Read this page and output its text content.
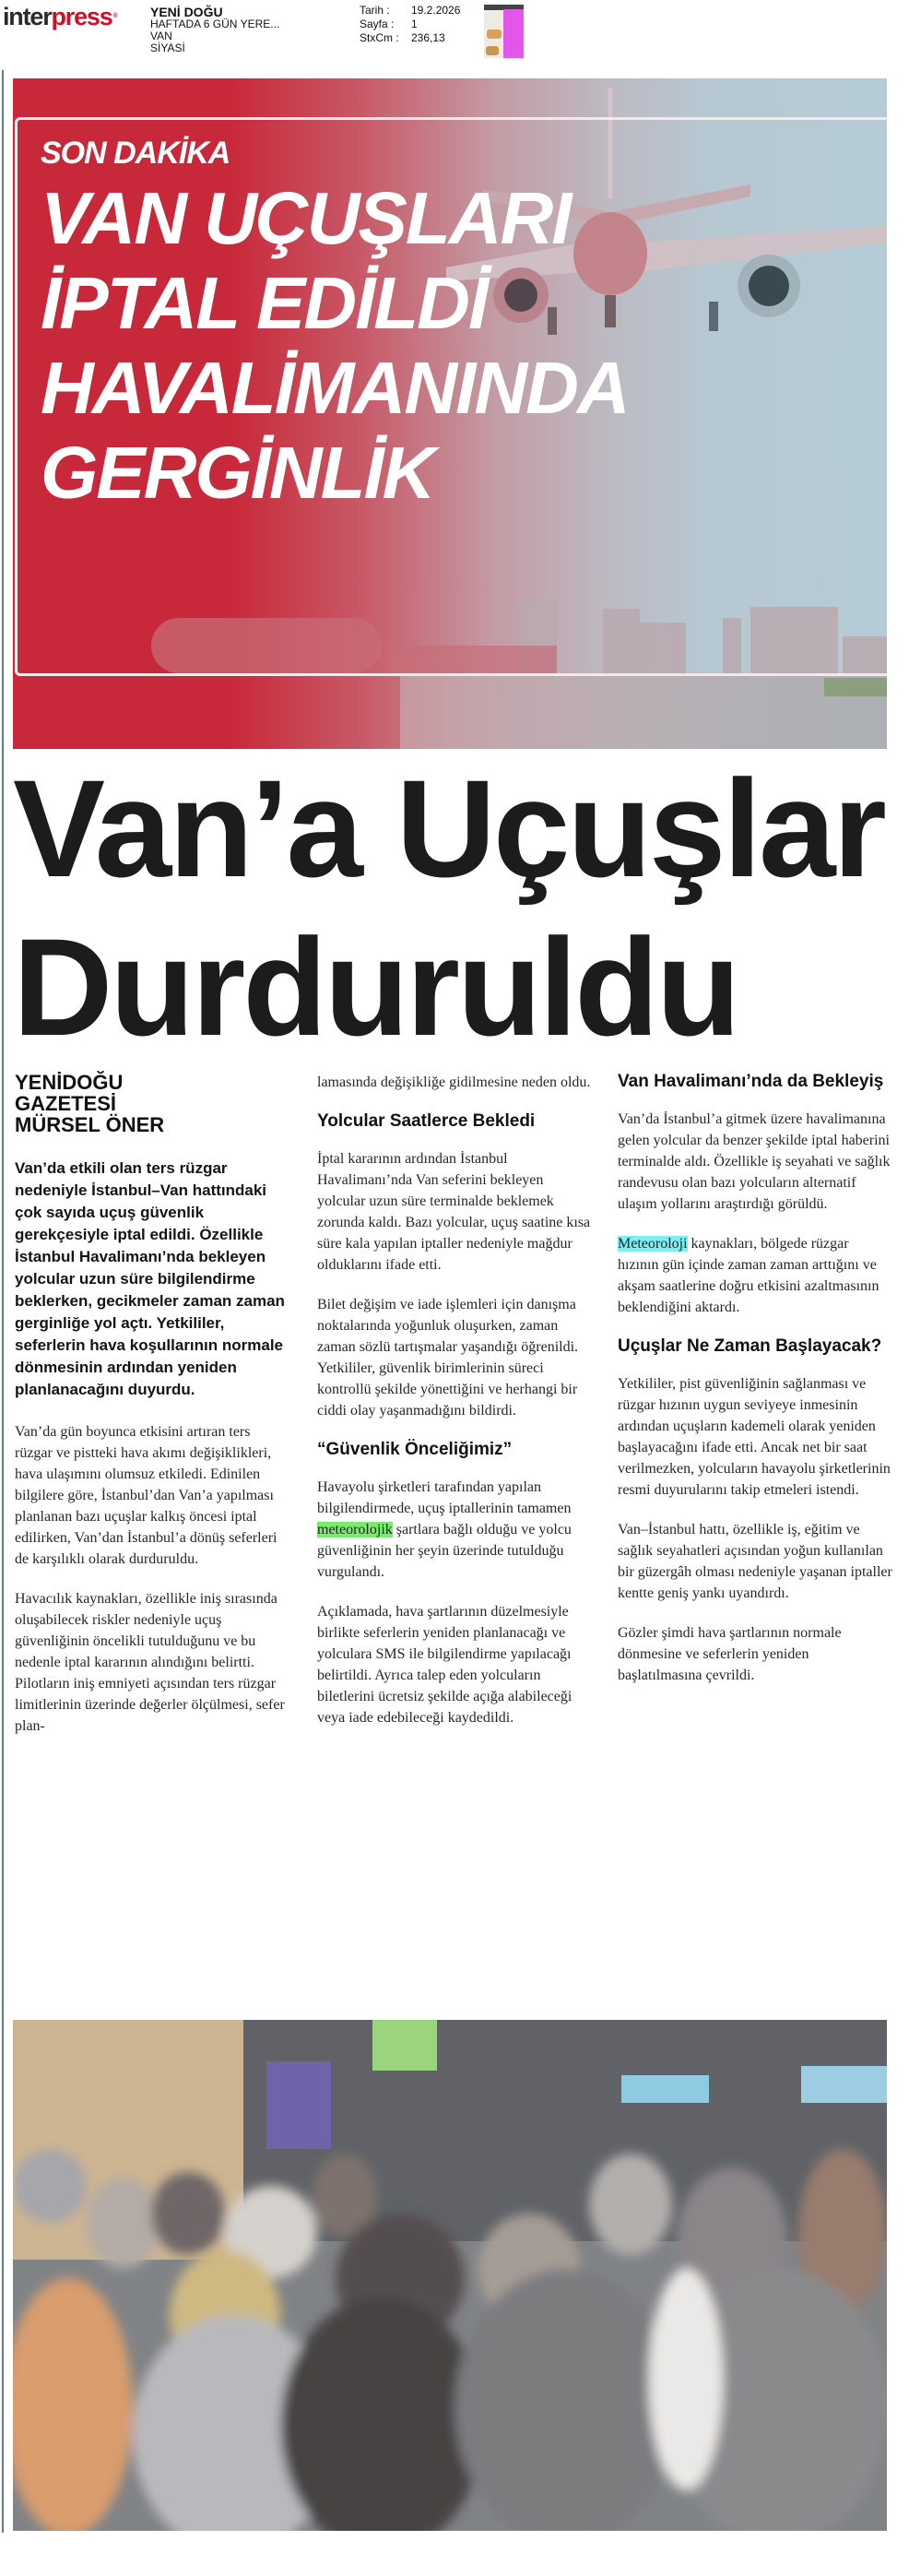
interpress®	YENİ DOĞU
HAFTADA 6 GÜN YERE...
VAN
SİYASİ
Tarih :	19.2.2026
Sayfa :	1
StxCm :	236,13
SON DAKİKA
VAN UÇUŞLARI
İPTAL EDİLDİ
HAVALİMANINDA
GERGİNLİK
Van’a Uçuşlar
Durduruldu
YENİDOĞU
GAZETESİ
MÜRSEL ÖNER
Van’da etkili olan ters rüzgar nedeniyle İstanbul–Van hattındaki çok sayıda uçuş güvenlik gerekçesiyle iptal edildi. Özellikle İstanbul Havalimanı’nda bekleyen yolcular uzun süre bilgilendirme beklerken, gecikmeler zaman zaman gerginliğe yol açtı. Yetkililer, seferlerin hava koşullarının normale dönmesinin ardından yeniden planlanacağını duyurdu.

Van’da gün boyunca etkisini artıran ters rüzgar ve pistteki hava akımı değişiklikleri, hava ulaşımını olumsuz etkiledi. Edinilen bilgilere göre, İstanbul’dan Van’a yapılması planlanan bazı uçuşlar kalkış öncesi iptal edilirken, Van’dan İstanbul’a dönüş seferleri de karşılıklı olarak durduruldu.

Havacılık kaynakları, özellikle iniş sırasında oluşabilecek riskler nedeniyle uçuş güvenliğinin öncelikli tutulduğunu ve bu nedenle iptal kararının alındığını belirtti. Pilotların iniş emniyeti açısından ters rüzgar limitlerinin üzerinde değerler ölçülmesi, sefer plan-

lamasında değişikliğe gidilmesine neden oldu.

Yolcular Saatlerce Bekledi

İptal kararının ardından İstanbul Havalimanı’nda Van seferini bekleyen yolcular uzun süre terminalde beklemek zorunda kaldı. Bazı yolcular, uçuş saatine kısa süre kala yapılan iptaller nedeniyle mağdur olduklarını ifade etti.

Bilet değişim ve iade işlemleri için danışma noktalarında yoğunluk oluşurken, zaman zaman sözlü tartışmalar yaşandığı öğrenildi. Yetkililer, güvenlik birimlerinin süreci kontrollü şekilde yönettiğini ve herhangi bir ciddi olay yaşanmadığını bildirdi.

“Güvenlik Önceliğimiz”

Havayolu şirketleri tarafından yapılan bilgilendirmede, uçuş iptallerinin tamamen meteorolojik şartlara bağlı olduğu ve yolcu güvenliğinin her şeyin üzerinde tutulduğu vurgulandı.

Açıklamada, hava şartlarının düzelmesiyle birlikte seferlerin yeniden planlanacağı ve yolculara SMS ile bilgilendirme yapılacağı belirtildi. Ayrıca talep eden yolcuların biletlerini ücretsiz şekilde açığa alabileceği veya iade edebileceği kaydedildi.

Van Havalimanı’nda da Bekleyiş

Van’da İstanbul’a gitmek üzere havalimanına gelen yolcular da benzer şekilde iptal haberini terminalde aldı. Özellikle iş seyahati ve sağlık randevusu olan bazı yolcuların alternatif ulaşım yollarını araştırdığı görüldü.

Meteoroloji kaynakları, bölgede rüzgar hızının gün içinde zaman zaman arttığını ve akşam saatlerine doğru etkisini azaltmasının beklendiğini aktardı.

Uçuşlar Ne Zaman Başlayacak?

Yetkililer, pist güvenliğinin sağlanması ve rüzgar hızının uygun seviyeye inmesinin ardından uçuşların kademeli olarak yeniden başlayacağını ifade etti. Ancak net bir saat verilmezken, yolcuların havayolu şirketlerinin resmi duyurularını takip etmeleri istendi.

Van–İstanbul hattı, özellikle iş, eğitim ve sağlık seyahatleri açısından yoğun kullanılan bir güzergâh olması nedeniyle yaşanan iptaller kentte geniş yankı uyandırdı.

Gözler şimdi hava şartlarının normale dönmesine ve seferlerin yeniden başlatılmasına çevrildi.
